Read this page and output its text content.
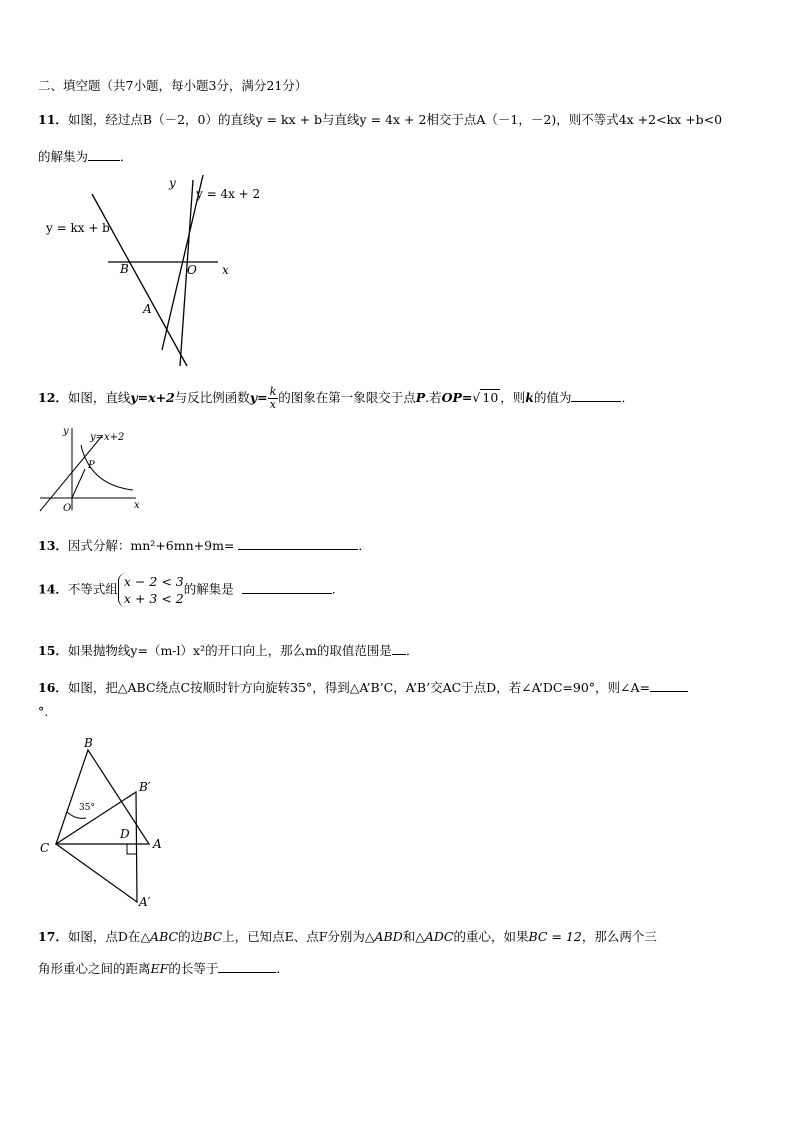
二、填空题（共7小题，每小题3分，满分21分）
11．如图，经过点B（－2，0）的直线y = kx + b与直线y = 4x + 2相交于点A（－1，－2)，则不等式4x +2<kx +b<0
的解集为	．
y
y = 4x + 2
y = kx + b
B	O x
A
12．如图，直线y=x+2与反比例函数$y= \frac{k}{x}$ 的图象在第一象限交于点P.若OP=√ 10 ，则k的值为	．
y
y=x+2
P
O	x
13．因式分解：mn²+6mn+9m=	．
14．不等式组 x − 2 < 3
x + 3 < 2
的解集是	.
15．如果抛物线y=（m-l）x²的开口向上，那么m的取值范围是 ．
16．如图，把△ABC绕点C按顺时针方向旋转35°，得到△A’B’C，A’B’交AC于点D，若∠A’DC=90°，则∠A=
°.
B
B′
35°
D
C	A
A′
17．如图，点D在△ABC的边BC上，已知点E、点F分别为△ABD和△ADC的重心，如果BC = 12，那么两个三
角形重心之间的距离EF的长等于	．
